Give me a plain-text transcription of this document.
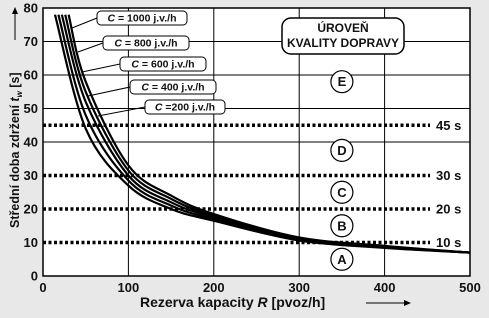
10 s
20 s
30 s
45 s
0	100	200	300	400	500
0
10
20
30
40
50
60
70
80
A
B
C
D
E
ÚROVEŇ
KVALITY DOPRAVY
C = 1000 j.v./h
C = 800 j.v./h
C = 600 j.v./h
C = 400 j.v./h
C =200 j.v./h
Rezerva kapacity R [pvoz/h]
Střední doba zdržení $t_w$ [s]
